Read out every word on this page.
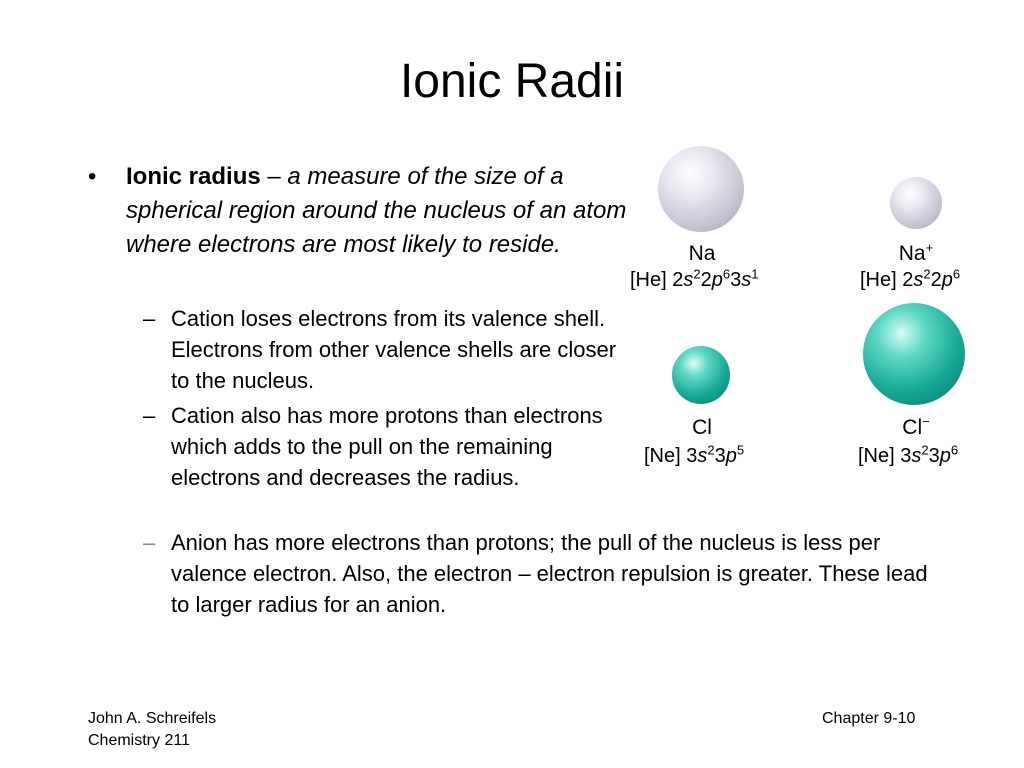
Ionic Radii
• Ionic radius – a measure of the size of a spherical region around the nucleus of an atom where electrons are most likely to reside.
– Cation loses electrons from its valence shell. Electrons from other valence shells are closer to the nucleus.
– Cation also has more protons than electrons which adds to the pull on the remaining electrons and decreases the radius.
– Anion has more electrons than protons; the pull of the nucleus is less per valence electron. Also, the electron – electron repulsion is greater. These lead to larger radius for an anion.
Na
[He] $2s^22p^63s^1$
Na+
[He] $2s^22p^6$
Cl
[Ne] $3s^23p^5$
Cl−
[Ne] $3s^23p^6$
John A. Schreifels
Chemistry 211
Chapter 9-10
